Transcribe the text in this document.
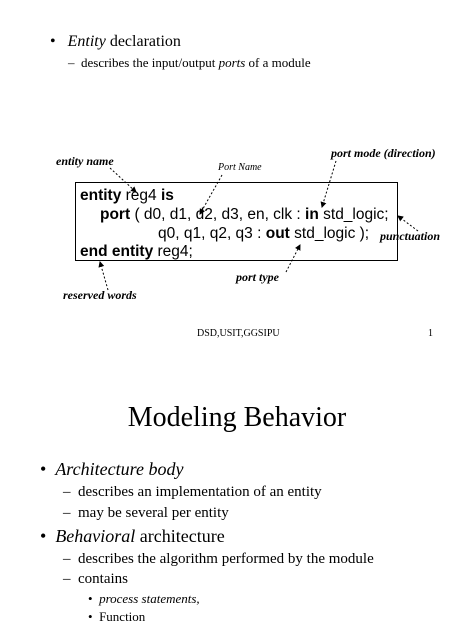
• Entity declaration
– describes the input/output ports of a module
entity name	Port Name
port mode (direction)
punctuation
port type
reserved words
entity reg4 is
port ( d0, d1, d2, d3, en, clk : in std_logic;
q0, q1, q2, q3 : out std_logic );
end entity reg4;
DSD,USIT,GGSIPU	1
Modeling Behavior
• Architecture body
– describes an implementation of an entity
– may be several per entity
• Behavioral architecture
– describes the algorithm performed by the module
– contains
• process statements,
• Function
